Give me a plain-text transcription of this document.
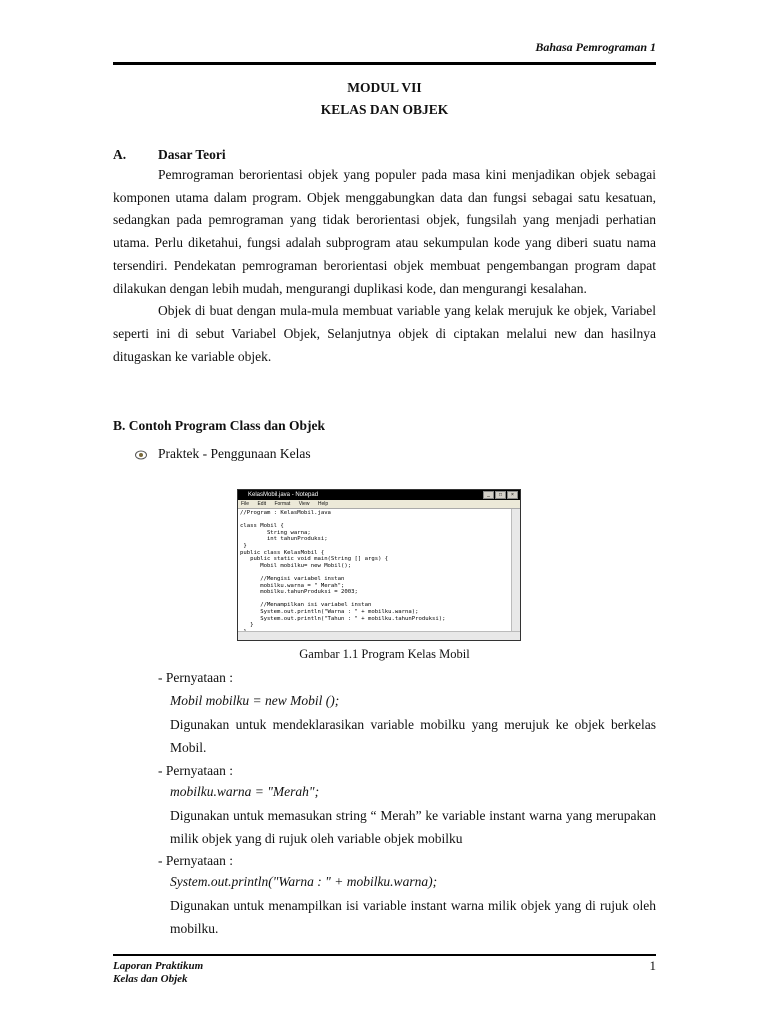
Bahasa Pemrograman 1
MODUL VII
KELAS DAN OBJEK
A. Dasar Teori

Pemrograman berorientasi objek yang populer pada masa kini menjadikan objek sebagai komponen utama dalam program. Objek menggabungkan data dan fungsi sebagai satu kesatuan, sedangkan pada pemrograman yang tidak berorientasi objek, fungsilah yang menjadi perhatian utama. Perlu diketahui, fungsi adalah subprogram atau sekumpulan kode yang diberi suatu nama tersendiri. Pendekatan pemrograman berorientasi objek membuat pengembangan program dapat dilakukan dengan lebih mudah, mengurangi duplikasi kode, dan mengurangi kesalahan.

Objek di buat dengan mula-mula membuat variable yang kelak merujuk ke objek, Variabel seperti ini di sebut Variabel Objek, Selanjutnya objek di ciptakan melalui new dan hasilnya ditugaskan ke variable objek.

B. Contoh Program Class dan Objek
Praktek - Penggunaan Kelas
KelasMobil.java - Notepad	_	□	×
File Edit Format View Help
//Program : KelasMobil.java

class Mobil {
String warna;
int tahunProduksi;
}
public class KelasMobil {
public static void main(String [] args) {
Mobil mobilku= new Mobil();

//Mengisi variabel instan
mobilku.warna = " Merah";
mobilku.tahunProduksi = 2003;

//Menampilkan isi variabel instan
System.out.println("Warna : " + mobilku.warna);
System.out.println("Tahun : " + mobilku.tahunProduksi);
}

Gambar 1.1 Program Kelas Mobil
- Pernyataan :
Mobil mobilku = new Mobil ();
Digunakan untuk mendeklarasikan variable mobilku yang merujuk ke objek berkelas Mobil.
- Pernyataan :
mobilku.warna = "Merah";
Digunakan untuk memasukan string “ Merah” ke variable instant warna yang merupakan milik objek yang di rujuk oleh variable objek mobilku
- Pernyataan :
System.out.println("Warna : " + mobilku.warna);
Digunakan untuk menampilkan isi variable instant warna milik objek yang di rujuk oleh mobilku.
Laporan Praktikum
Kelas dan Objek
1
